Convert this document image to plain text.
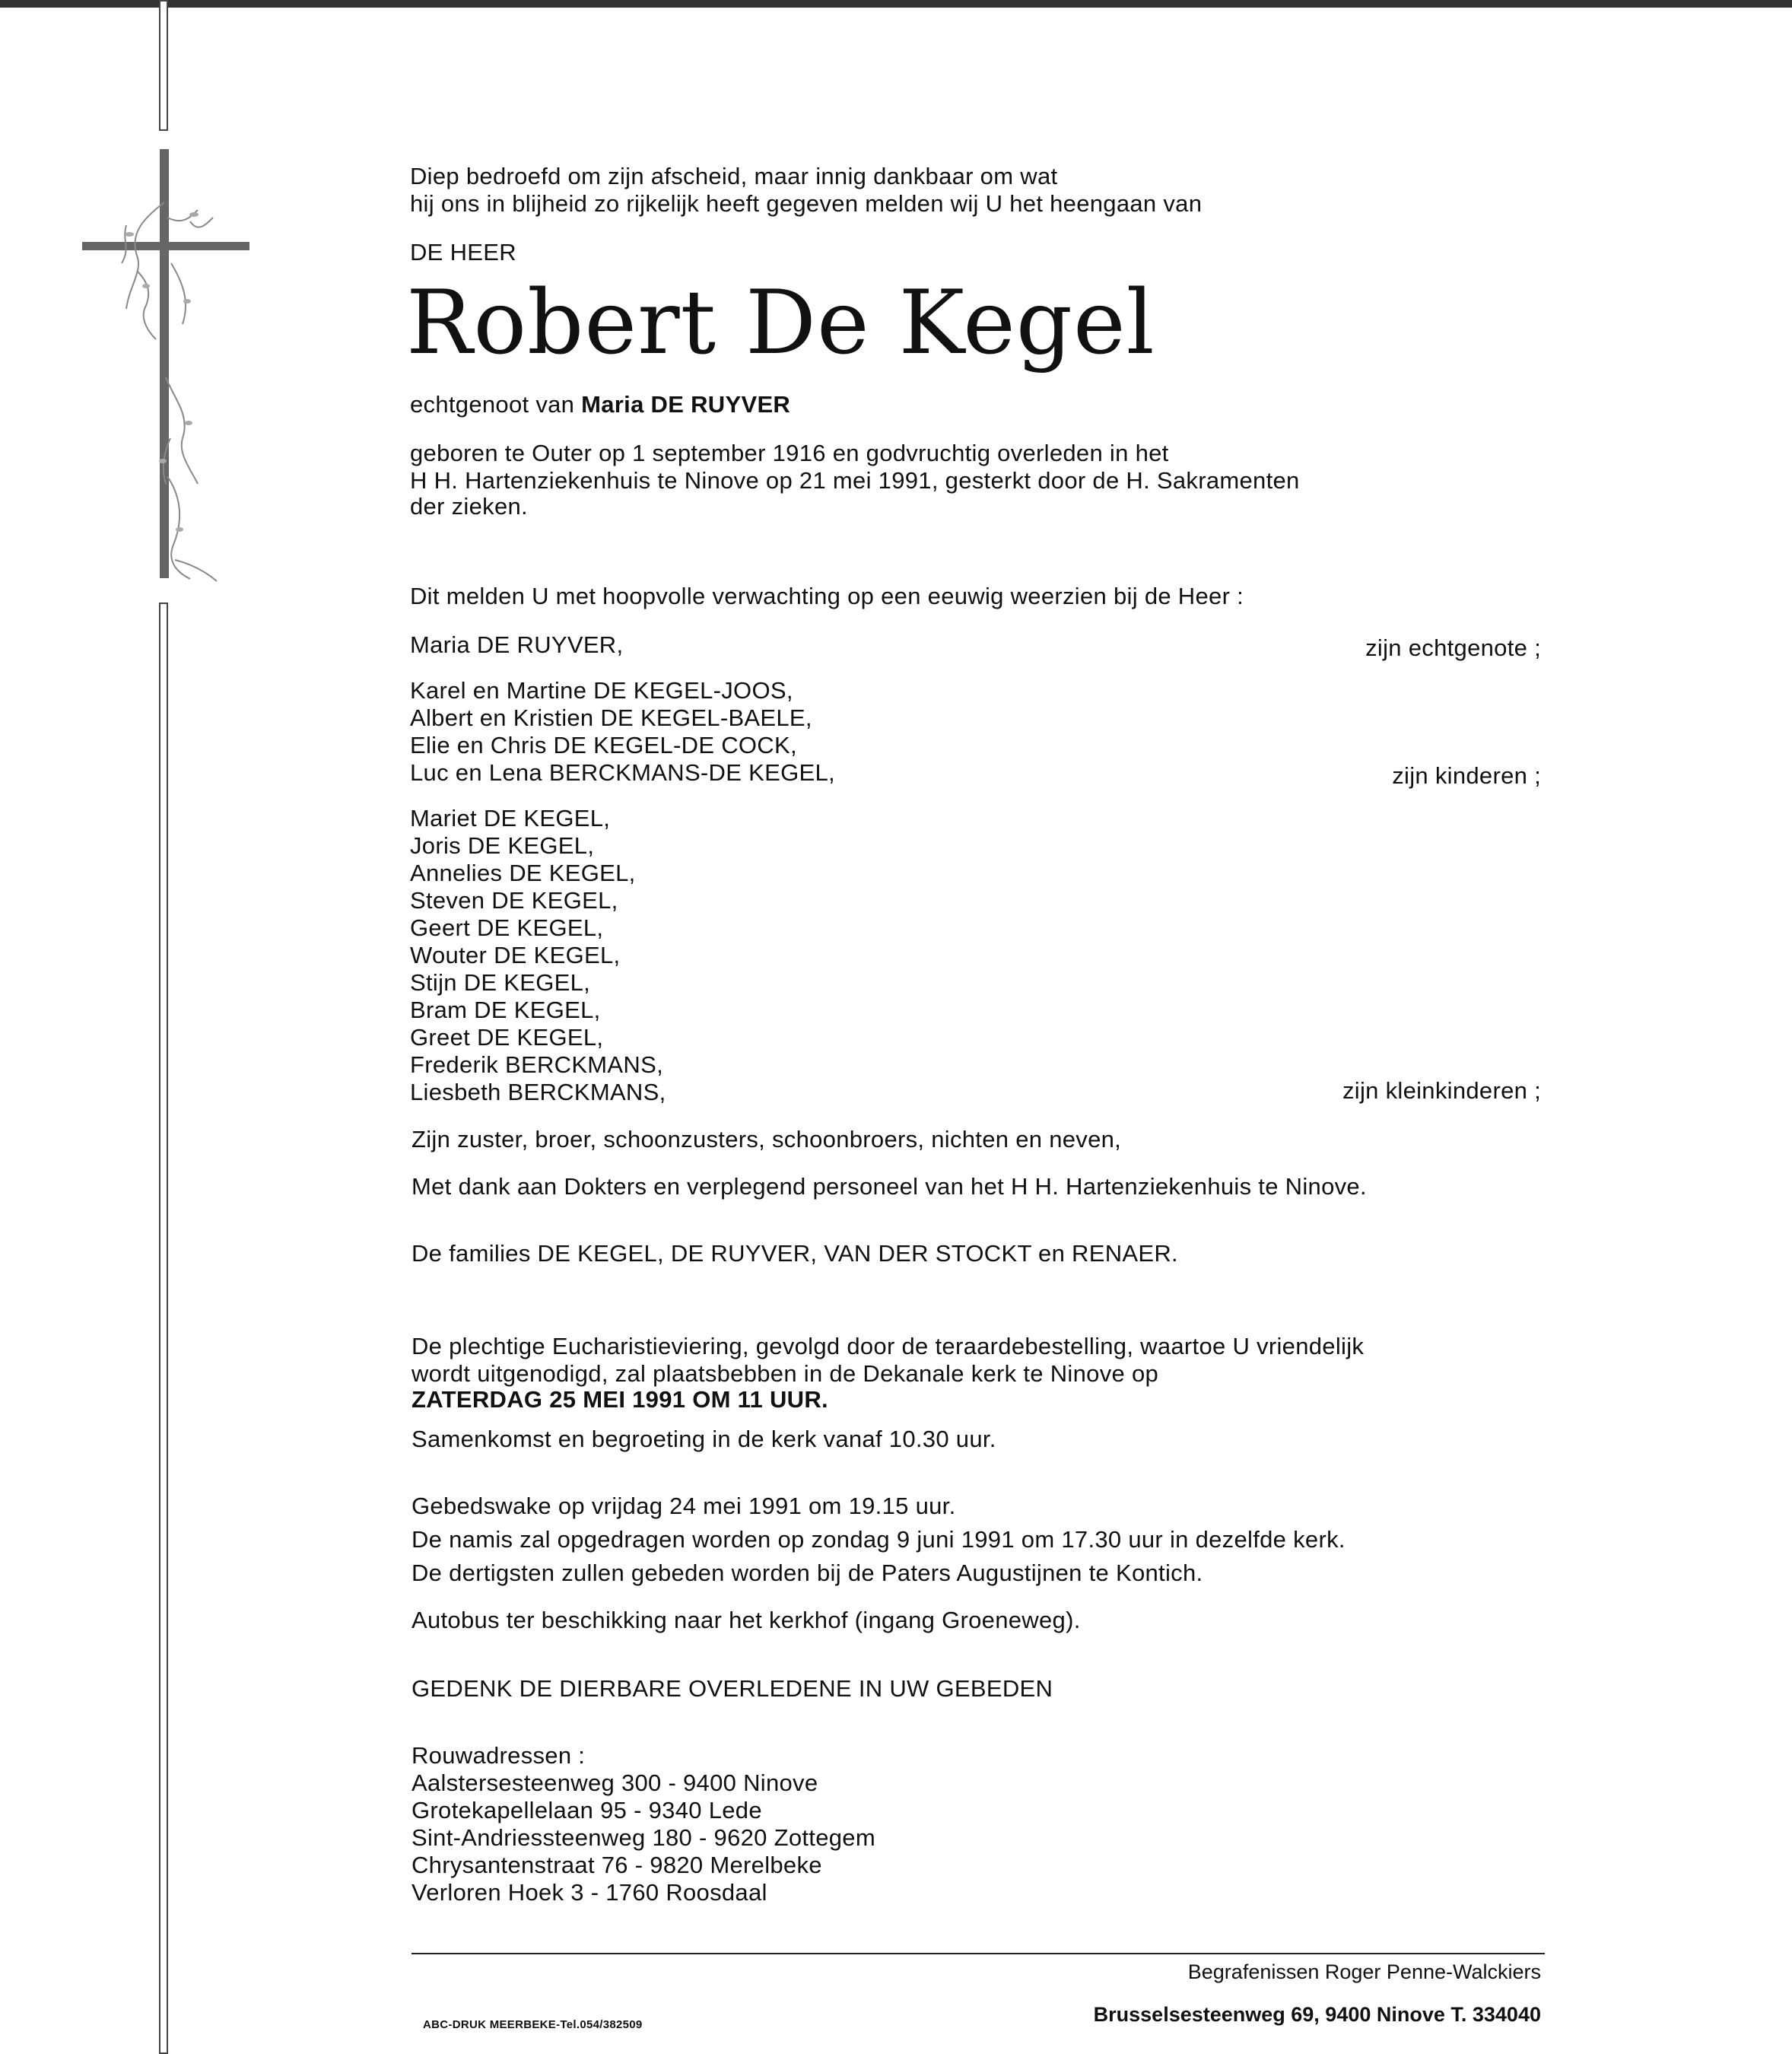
Diep bedroefd om zijn afscheid, maar innig dankbaar om wat
hij ons in blijheid zo rijkelijk heeft gegeven melden wij U het heengaan van
DE HEER
Robert De Kegel
echtgenoot van Maria DE RUYVER
geboren te Outer op 1 september 1916 en godvruchtig overleden in het
H H. Hartenziekenhuis te Ninove op 21 mei 1991, gesterkt door de H. Sakramenten
der zieken.
Dit melden U met hoopvolle verwachting op een eeuwig weerzien bij de Heer :
Maria DE RUYVER,	zijn echtgenote ;
Karel en Martine DE KEGEL-JOOS,
Albert en Kristien DE KEGEL-BAELE,
Elie en Chris DE KEGEL-DE COCK,
Luc en Lena BERCKMANS-DE KEGEL,	zijn kinderen ;
Mariet DE KEGEL,
Joris DE KEGEL,
Annelies DE KEGEL,
Steven DE KEGEL,
Geert DE KEGEL,
Wouter DE KEGEL,
Stijn DE KEGEL,
Bram DE KEGEL,
Greet DE KEGEL,
Frederik BERCKMANS,
Liesbeth BERCKMANS,	zijn kleinkinderen ;
Zijn zuster, broer, schoonzusters, schoonbroers, nichten en neven,
Met dank aan Dokters en verplegend personeel van het H H. Hartenziekenhuis te Ninove.
De families DE KEGEL, DE RUYVER, VAN DER STOCKT en RENAER.
De plechtige Eucharistieviering, gevolgd door de teraardebestelling, waartoe U vriendelijk
wordt uitgenodigd, zal plaatsbebben in de Dekanale kerk te Ninove op
ZATERDAG 25 MEI 1991 OM 11 UUR.
Samenkomst en begroeting in de kerk vanaf 10.30 uur.
Gebedswake op vrijdag 24 mei 1991 om 19.15 uur.
De namis zal opgedragen worden op zondag 9 juni 1991 om 17.30 uur in dezelfde kerk.
De dertigsten zullen gebeden worden bij de Paters Augustijnen te Kontich.
Autobus ter beschikking naar het kerkhof (ingang Groeneweg).
GEDENK DE DIERBARE OVERLEDENE IN UW GEBEDEN
Rouwadressen :
Aalstersesteenweg 300 - 9400 Ninove
Grotekapellelaan 95 - 9340 Lede
Sint-Andriessteenweg 180 - 9620 Zottegem
Chrysantenstraat 76 - 9820 Merelbeke
Verloren Hoek 3 - 1760 Roosdaal
ABC-DRUK MEERBEKE-Tel.054/382509
Begrafenissen Roger Penne-Walckiers
Brusselsesteenweg 69, 9400 Ninove T. 334040
